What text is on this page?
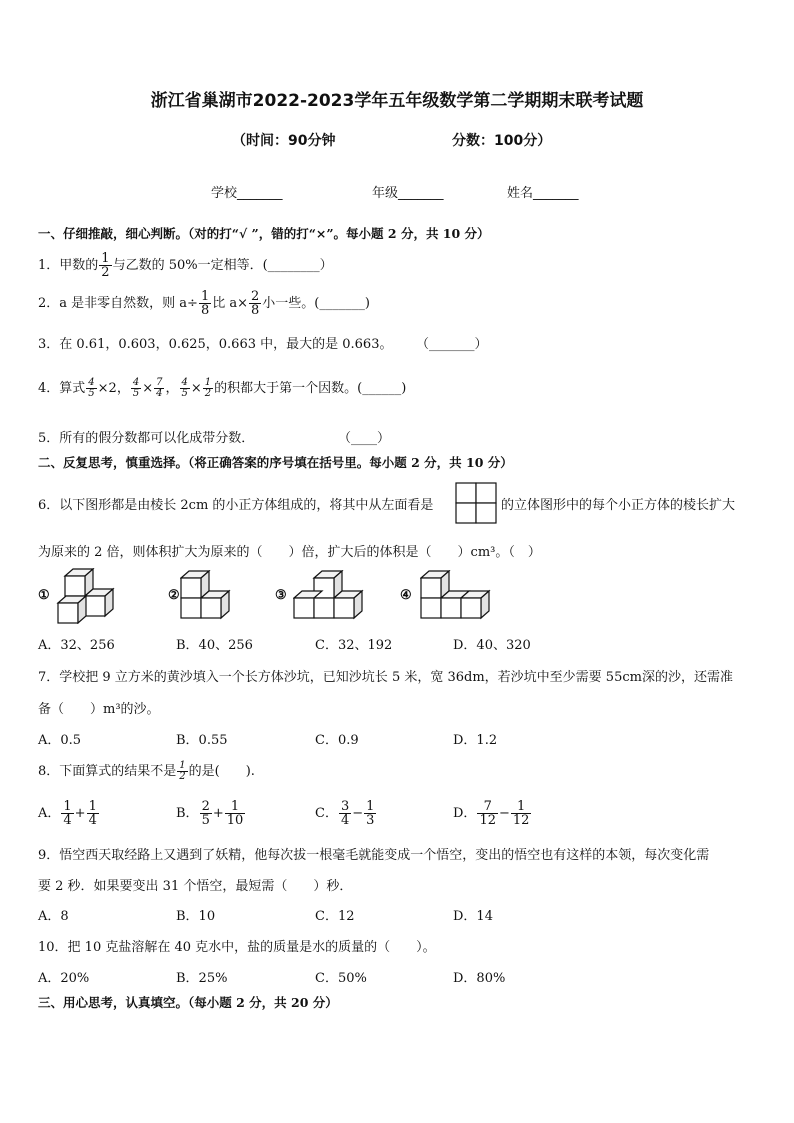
浙江省巢湖市2022-2023学年五年级数学第二学期期末联考试题
（时间：90分钟	分数：100分）
学校_______	年级_______	姓名_______
一、仔细推敲，细心判断。（对的打“√ ”，错的打“×”。每小题 2 分，共 10 分）
1．甲数的 $\frac{1}{2}$ 与乙数的 50%一定相等．(________）
2．a 是非零自然数，则 $a\div \frac{1}{8}$ 比 $a\times \frac{2}{8}$ 小一些。(_______)
3．在 0.61，0.603，0.625，0.663 中，最大的是 0.663。 （_______）
4．算式 $\frac{4}{5} \times 2$， $\frac{4}{5} \times \frac{7}{4}$ ， $\frac{4}{5} \times \frac{1}{2}$ 的积都大于第一个因数。(______)
5．所有的假分数都可以化成带分数．	（____）
二、反复思考，慎重选择。（将正确答案的序号填在括号里。每小题 2 分，共 10 分）
6．以下图形都是由棱长 2cm 的小正方体组成的，将其中从左面看是	的立体图形中的每个小正方体的棱长扩大
为原来的 2 倍，则体积扩大为原来的（　　）倍，扩大后的体积是（　　）cm³。（　）
①	②	③	④
A．32、256	B．40、256	C．32、192	D．40、320
7．学校把 9 立方米的黄沙填入一个长方体沙坑，已知沙坑长 5 米，宽 36dm，若沙坑中至少需要 55cm深的沙，还需准
备（　　）m³的沙。
A．0.5	B．0.55	C．0.9	D．1.2
8．下面算式的结果不是 $\frac{1}{2}$ 的是(　　).
A． $\frac{1}{4} + \frac{1}{4}$	B． $\frac{2}{5} + \frac{1}{10}$	C． $\frac{3}{4} - \frac{1}{3}$	D． $\frac{7}{12} - \frac{1}{12}$
9．悟空西天取经路上又遇到了妖精，他每次拔一根毫毛就能变成一个悟空，变出的悟空也有这样的本领，每次变化需
要 2 秒．如果要变出 31 个悟空，最短需（　　）秒．
A．8	B．10	C．12	D．14
10．把 10 克盐溶解在 40 克水中，盐的质量是水的质量的（　　）。
A．20%	B．25%	C．50%	D．80%
三、用心思考，认真填空。（每小题 2 分，共 20 分）
